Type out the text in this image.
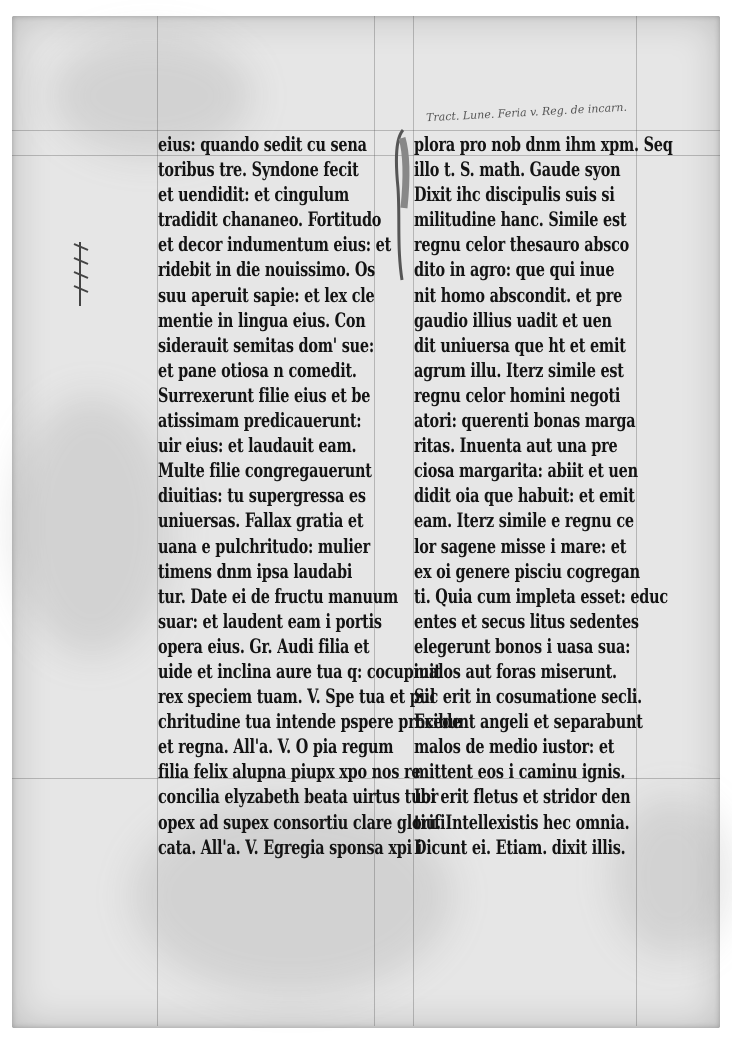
Tract. Lune. Feria v. Reg. de incarn.
eius: quando sedit cu sena
toribus tre. Syndone fecit
et uendidit: et cingulum
tradidit chananeo. Fortitudo
et decor indumentum eius: et
ridebit in die nouissimo. Os
suu aperuit sapie: et lex cle
mentie in lingua eius. Con
siderauit semitas dom' sue:
et pane otiosa n comedit.
Surrexerunt filie eius et be
atissimam predicauerunt:
uir eius: et laudauit eam.
Multe filie congregauerunt
diuitias: tu supergressa es
uniuersas. Fallax gratia et
uana e pulchritudo: mulier
timens dnm ipsa laudabi
tur. Date ei de fructu manuum
suar: et laudent eam i portis
opera eius. Gr. Audi filia et
uide et inclina aure tua q: cocupiuit
rex speciem tuam. V. Spe tua et pul
chritudine tua intende pspere procede
et regna. All'a. V. O pia regum
filia felix alupna piupx xpo nos re
concilia elyzabeth beata uirtus tuor
opex ad supex consortiu clare glorifi
cata. All'a. V. Egregia sponsa xpi i
plora pro nob dnm ihm xpm. Seq
illo t. S. math. Gaude syon
Dixit ihc discipulis suis si
militudine hanc. Simile est
regnu celor thesauro absco
dito in agro: que qui inue
nit homo abscondit. et pre
gaudio illius uadit et uen
dit uniuersa que ht et emit
agrum illu. Iterz simile est
regnu celor homini negoti
atori: querenti bonas marga
ritas. Inuenta aut una pre
ciosa margarita: abiit et uen
didit oia que habuit: et emit
eam. Iterz simile e regnu ce
lor sagene misse i mare: et
ex oi genere pisciu cogregan
ti. Quia cum impleta esset: educ
entes et secus litus sedentes
elegerunt bonos i uasa sua:
malos aut foras miserunt.
Sic erit in cosumatione secli.
Exibunt angeli et separabunt
malos de medio iustor: et
mittent eos i caminu ignis.
Ibi erit fletus et stridor den
tiu. Intellexistis hec omnia.
Dicunt ei. Etiam. dixit illis.
